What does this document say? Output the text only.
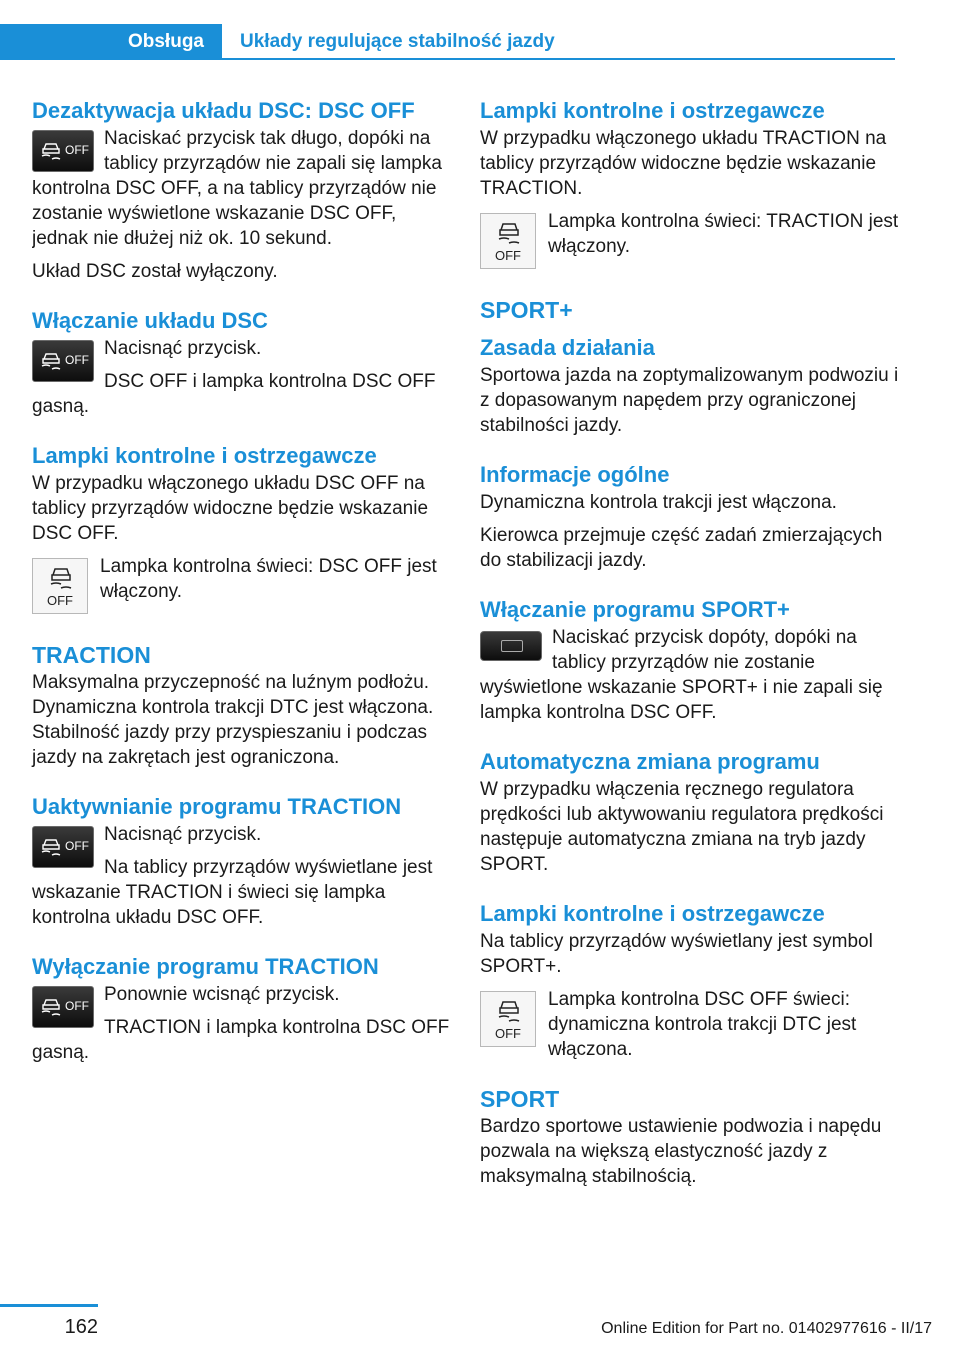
Obsługa	Układy regulujące stabilność jazdy
Dezaktywacja układu DSC: DSC OFF
OFF

Naciskać przycisk tak długo, dopóki na tablicy przyrządów nie zapali się lampka kontrolna DSC OFF, a na tablicy przyrządów nie zostanie wyświetlone wskazanie DSC OFF, jednak nie dłużej niż ok. 10 sekund.

Układ DSC został wyłączony.

Włączanie układu DSC
OFF

Nacisnąć przycisk.

DSC OFF i lampka kontrolna DSC OFF gasną.

Lampki kontrolne i ostrzegawcze

W przypadku włączonego układu DSC OFF na tablicy przyrządów widoczne będzie wskazanie DSC OFF.

OFF

Lampka kontrolna świeci: DSC OFF jest włączony.

TRACTION

Maksymalna przyczepność na luźnym podłożu. Dynamiczna kontrola trakcji DTC jest włączona. Stabilność jazdy przy przyspieszaniu i podczas jazdy na zakrętach jest ograniczona.

Uaktywnianie programu TRACTION
OFF

Nacisnąć przycisk.

Na tablicy przyrządów wyświetlane jest wskazanie TRACTION i świeci się lampka kontrolna układu DSC OFF.

Wyłączanie programu TRACTION
OFF

Ponownie wcisnąć przycisk.

TRACTION i lampka kontrolna DSC OFF gasną.

Lampki kontrolne i ostrzegawcze

W przypadku włączonego układu TRACTION na tablicy przyrządów widoczne będzie wskazanie TRACTION.

OFF

Lampka kontrolna świeci: TRACTION jest włączony.

SPORT+
Zasada działania

Sportowa jazda na zoptymalizowanym podwoziu i z dopasowanym napędem przy ograniczonej stabilności jazdy.

Informacje ogólne

Dynamiczna kontrola trakcji jest włączona.

Kierowca przejmuje część zadań zmierzających do stabilizacji jazdy.

Włączanie programu SPORT+

Naciskać przycisk dopóty, dopóki na tablicy przyrządów nie zostanie wyświetlone wskazanie SPORT+ i nie zapali się lampka kontrolna DSC OFF.

Automatyczna zmiana programu

W przypadku włączenia ręcznego regulatora prędkości lub aktywowaniu regulatora prędkości następuje automatyczna zmiana na tryb jazdy SPORT.

Lampki kontrolne i ostrzegawcze

Na tablicy przyrządów wyświetlany jest symbol SPORT+.

OFF

Lampka kontrolna DSC OFF świeci: dynamiczna kontrola trakcji DTC jest włączona.

SPORT

Bardzo sportowe ustawienie podwozia i napędu pozwala na większą elastyczność jazdy z maksymalną stabilnością.

162	Online Edition for Part no. 01402977616 - II/17
